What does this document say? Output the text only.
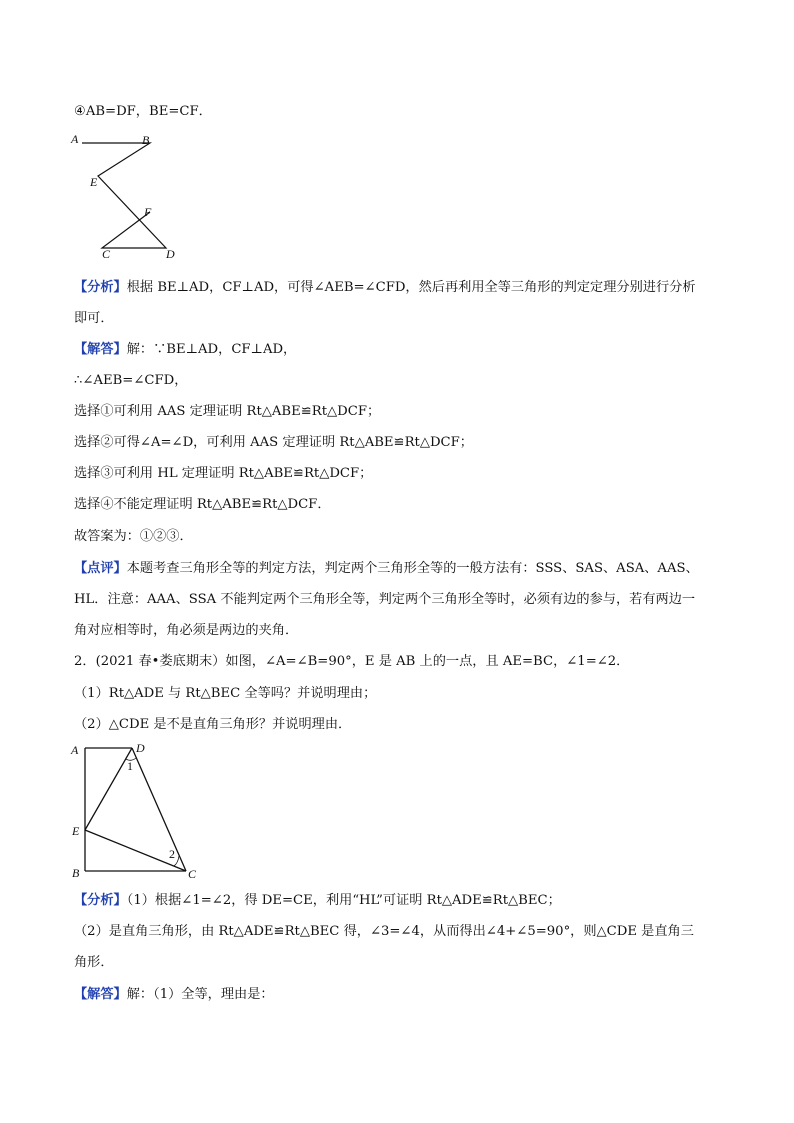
④AB=DF，BE=CF．
A	B
E
F
C	D
【分析】根据 BE⊥AD，CF⊥AD，可得∠AEB=∠CFD，然后再利用全等三角形的判定定理分别进行分析
即可．
【解答】解：∵BE⊥AD，CF⊥AD，
∴∠AEB=∠CFD，
选择①可利用 AAS 定理证明 Rt△ABE≌Rt△DCF；
选择②可得∠A=∠D，可利用 AAS 定理证明 Rt△ABE≌Rt△DCF；
选择③可利用 HL 定理证明 Rt△ABE≌Rt△DCF；
选择④不能定理证明 Rt△ABE≌Rt△DCF．
故答案为：①②③．
【点评】本题考查三角形全等的判定方法，判定两个三角形全等的一般方法有：SSS、SAS、ASA、AAS、
HL．注意：AAA、SSA 不能判定两个三角形全等，判定两个三角形全等时，必须有边的参与，若有两边一
角对应相等时，角必须是两边的夹角．
2．(2021 春•娄底期末）如图，∠A=∠B=90°，E 是 AB 上的一点，且 AE=BC，∠1=∠2．
（1）Rt△ADE 与 Rt△BEC 全等吗？并说明理由；
（2）△CDE 是不是直角三角形？并说明理由．
A	D
E
B	C
1
2
【分析】（1）根据∠1=∠2，得 DE=CE，利用“HL”可证明 Rt△ADE≌Rt△BEC；
（2）是直角三角形，由 Rt△ADE≌Rt△BEC 得，∠3=∠4，从而得出∠4+∠5=90°，则△CDE 是直角三
角形．
【解答】解：（1）全等，理由是：
